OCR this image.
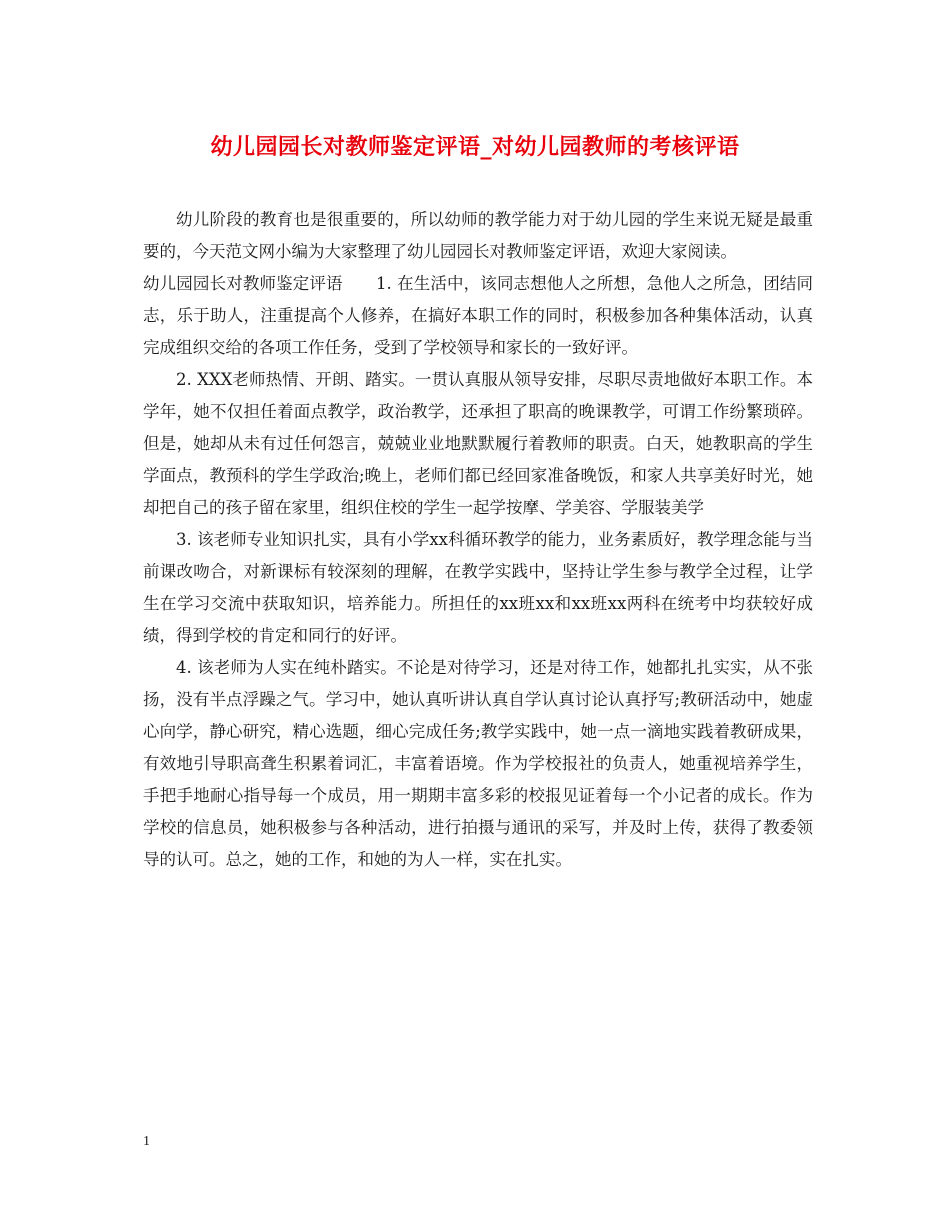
幼儿园园长对教师鉴定评语_对幼儿园教师的考核评语

幼儿阶段的教育也是很重要的，所以幼师的教学能力对于幼儿园的学生来说无疑是最重要的，今天范文网小编为大家整理了幼儿园园长对教师鉴定评语，欢迎大家阅读。

幼儿园园长对教师鉴定评语　　1. 在生活中，该同志想他人之所想，急他人之所急，团结同志，乐于助人，注重提高个人修养，在搞好本职工作的同时，积极参加各种集体活动，认真完成组织交给的各项工作任务，受到了学校领导和家长的一致好评。

2. XXX老师热情、开朗、踏实。一贯认真服从领导安排，尽职尽责地做好本职工作。本学年，她不仅担任着面点教学，政治教学，还承担了职高的晚课教学，可谓工作纷繁琐碎。但是，她却从未有过任何怨言，兢兢业业地默默履行着教师的职责。白天，她教职高的学生学面点，教预科的学生学政治;晚上，老师们都已经回家准备晚饭，和家人共享美好时光，她却把自己的孩子留在家里，组织住校的学生一起学按摩、学美容、学服装美学

3. 该老师专业知识扎实，具有小学xx科循环教学的能力，业务素质好，教学理念能与当前课改吻合，对新课标有较深刻的理解，在教学实践中，坚持让学生参与教学全过程，让学生在学习交流中获取知识，培养能力。所担任的xx班xx和xx班xx两科在统考中均获较好成绩，得到学校的肯定和同行的好评。

4. 该老师为人实在纯朴踏实。不论是对待学习，还是对待工作，她都扎扎实实，从不张扬，没有半点浮躁之气。学习中，她认真听讲认真自学认真讨论认真抒写;教研活动中，她虚心向学，静心研究，精心选题，细心完成任务;教学实践中，她一点一滴地实践着教研成果，有效地引导职高聋生积累着词汇，丰富着语境。作为学校报社的负责人，她重视培养学生，手把手地耐心指导每一个成员，用一期期丰富多彩的校报见证着每一个小记者的成长。作为学校的信息员，她积极参与各种活动，进行拍摄与通讯的采写，并及时上传，获得了教委领导的认可。总之，她的工作，和她的为人一样，实在扎实。

1
